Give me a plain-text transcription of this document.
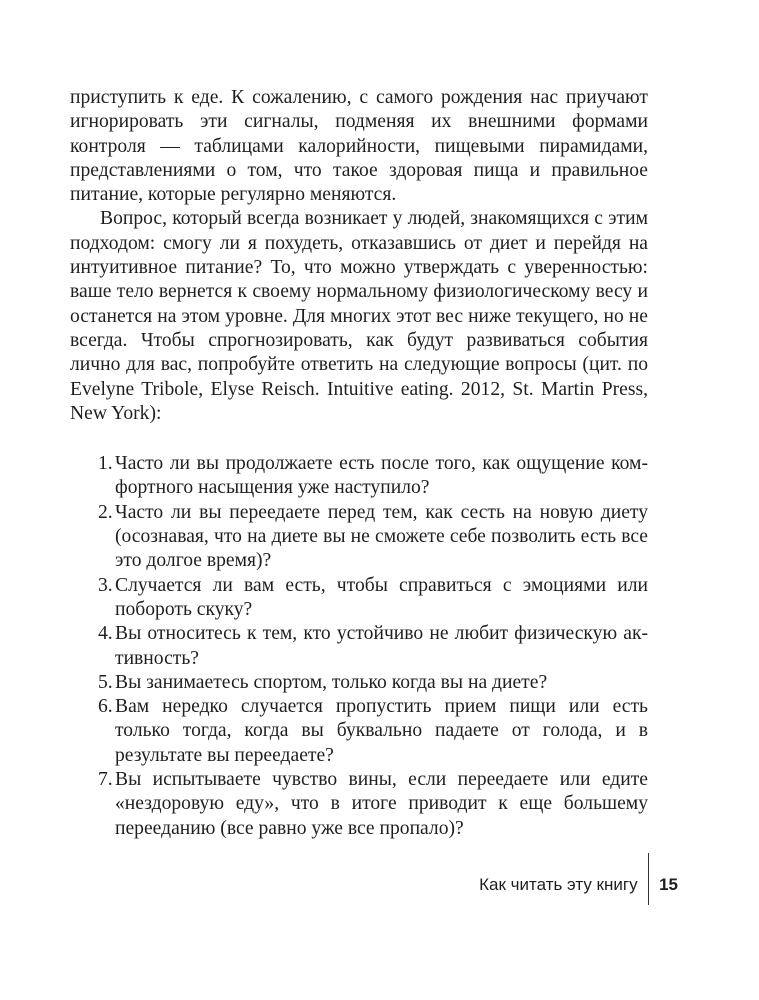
приступить к еде. К сожалению, с самого рождения нас приучают игнорировать эти сигналы, подменяя их внешними формами контроля — таблицами калорийности, пищевыми пирамидами, представлениями о том, что такое здоровая пища и правильное питание, которые регулярно меняются.

Вопрос, который всегда возникает у людей, знакомящихся с этим подходом: смогу ли я похудеть, отказавшись от диет и перейдя на интуитивное питание? То, что можно утверждать с уверенностью: ваше тело вернется к своему нормальному физиологическому весу и останется на этом уровне. Для многих этот вес ниже текущего, но не всегда. Чтобы спрогнозировать, как будут развиваться события лично для вас, попробуйте ответить на следующие вопросы (цит. по Evelyne Tribole, Elyse Reisch. Intuitive eating. 2012, St. Martin Press, New York):

1. Часто ли вы продолжаете есть после того, как ощущение комфортного насыщения уже наступило?
2. Часто ли вы переедаете перед тем, как сесть на новую диету (осознавая, что на диете вы не сможете себе позволить есть все это долгое время)?
3. Случается ли вам есть, чтобы справиться с эмоциями или побороть скуку?
4. Вы относитесь к тем, кто устойчиво не любит физическую активность?
5. Вы занимаетесь спортом, только когда вы на диете?
6. Вам нередко случается пропустить прием пищи или есть только тогда, когда вы буквально падаете от голода, и в результате вы переедаете?
7. Вы испытываете чувство вины, если переедаете или едите «нездоровую еду», что в итоге приводит к еще большему перееданию (все равно уже все пропало)?
Как читать эту книгу 15
